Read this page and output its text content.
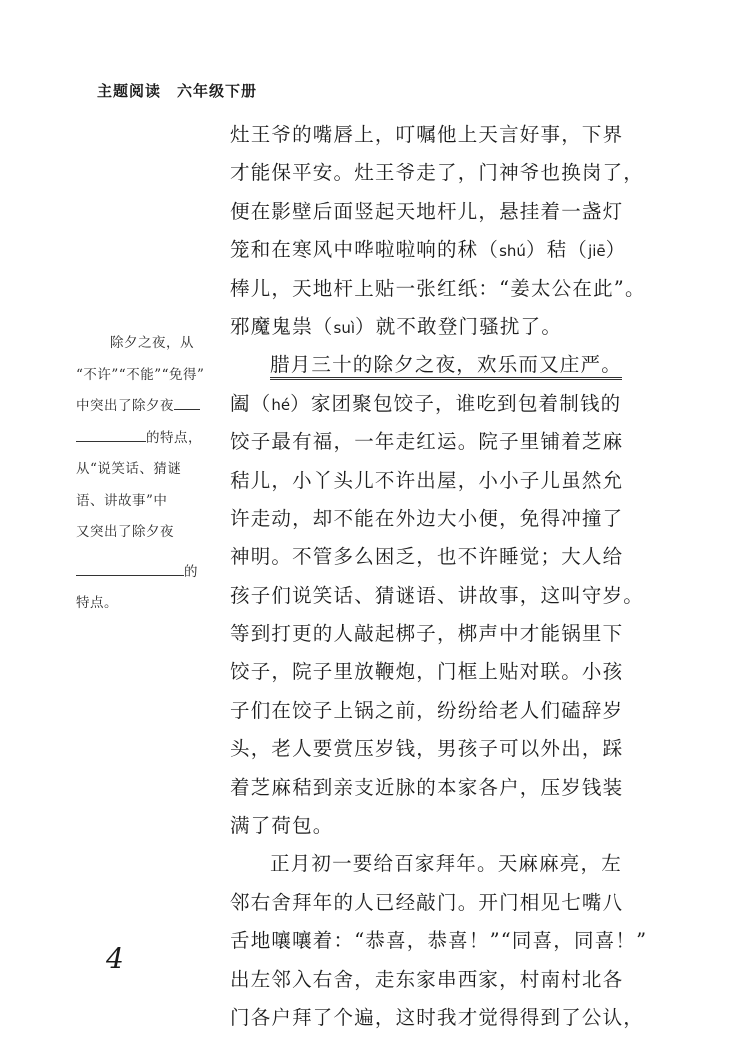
主题阅读 六年级下册
灶王爷的嘴唇上，叮嘱他上天言好事，下界
才能保平安。灶王爷走了，门神爷也换岗了，
便在影壁后面竖起天地杆儿，悬挂着一盏灯
笼和在寒风中哗啦啦响的秫（shú）秸（jiē）
棒儿，天地杆上贴一张红纸：“姜太公在此”。
邪魔鬼祟（suì）就不敢登门骚扰了。
腊月三十的除夕之夜，欢乐而又庄严。
阖（hé）家团聚包饺子，谁吃到包着制钱的
饺子最有福，一年走红运。院子里铺着芝麻
秸儿，小丫头儿不许出屋，小小子儿虽然允
许走动，却不能在外边大小便，免得冲撞了
神明。不管多么困乏，也不许睡觉；大人给
孩子们说笑话、猜谜语、讲故事，这叫守岁。
等到打更的人敲起梆子，梆声中才能锅里下
饺子，院子里放鞭炮，门框上贴对联。小孩
子们在饺子上锅之前，纷纷给老人们磕辞岁
头，老人要赏压岁钱，男孩子可以外出，踩
着芝麻秸到亲支近脉的本家各户，压岁钱装
满了荷包。
正月初一要给百家拜年。天麻麻亮，左
邻右舍拜年的人已经敲门。开门相见七嘴八
舌地嚷嚷着：“恭喜，恭喜！”“同喜，同喜！”
出左邻入右舍，走东家串西家，村南村北各
门各户拜了个遍，这时我才觉得得到了公认，
除夕之夜，从
“不许”“不能”“免得”
中突出了除夕夜
的特点，
从“说笑话、猜谜
语、讲故事”中
又突出了除夕夜
的
特点。
4
